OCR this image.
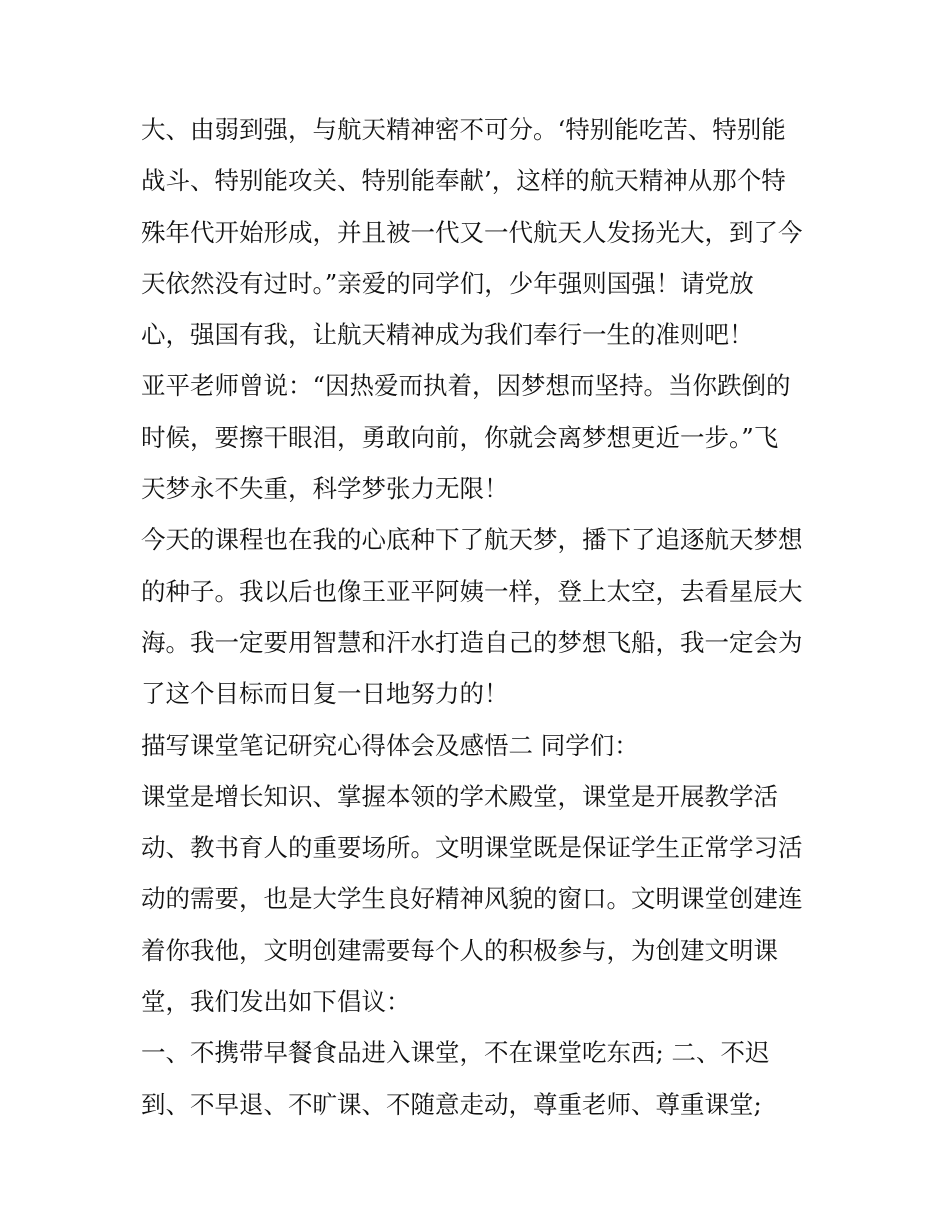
大、由弱到强，与航天精神密不可分。‘特别能吃苦、特别能
战斗、特别能攻关、特别能奉献’，这样的航天精神从那个特
殊年代开始形成，并且被一代又一代航天人发扬光大，到了今
天依然没有过时。”亲爱的同学们，少年强则国强！请党放
心，强国有我，让航天精神成为我们奉行一生的准则吧！
亚平老师曾说：“因热爱而执着，因梦想而坚持。当你跌倒的
时候，要擦干眼泪，勇敢向前，你就会离梦想更近一步。”飞
天梦永不失重，科学梦张力无限！
今天的课程也在我的心底种下了航天梦，播下了追逐航天梦想
的种子。我以后也像王亚平阿姨一样，登上太空，去看星辰大
海。我一定要用智慧和汗水打造自己的梦想飞船，我一定会为
了这个目标而日复一日地努力的！
描写课堂笔记研究心得体会及感悟二 同学们：
课堂是增长知识、掌握本领的学术殿堂，课堂是开展教学活
动、教书育人的重要场所。文明课堂既是保证学生正常学习活
动的需要，也是大学生良好精神风貌的窗口。文明课堂创建连
着你我他，文明创建需要每个人的积极参与，为创建文明课
堂，我们发出如下倡议：
一、不携带早餐食品进入课堂，不在课堂吃东西; 二、不迟
到、不早退、不旷课、不随意走动，尊重老师、尊重课堂;
